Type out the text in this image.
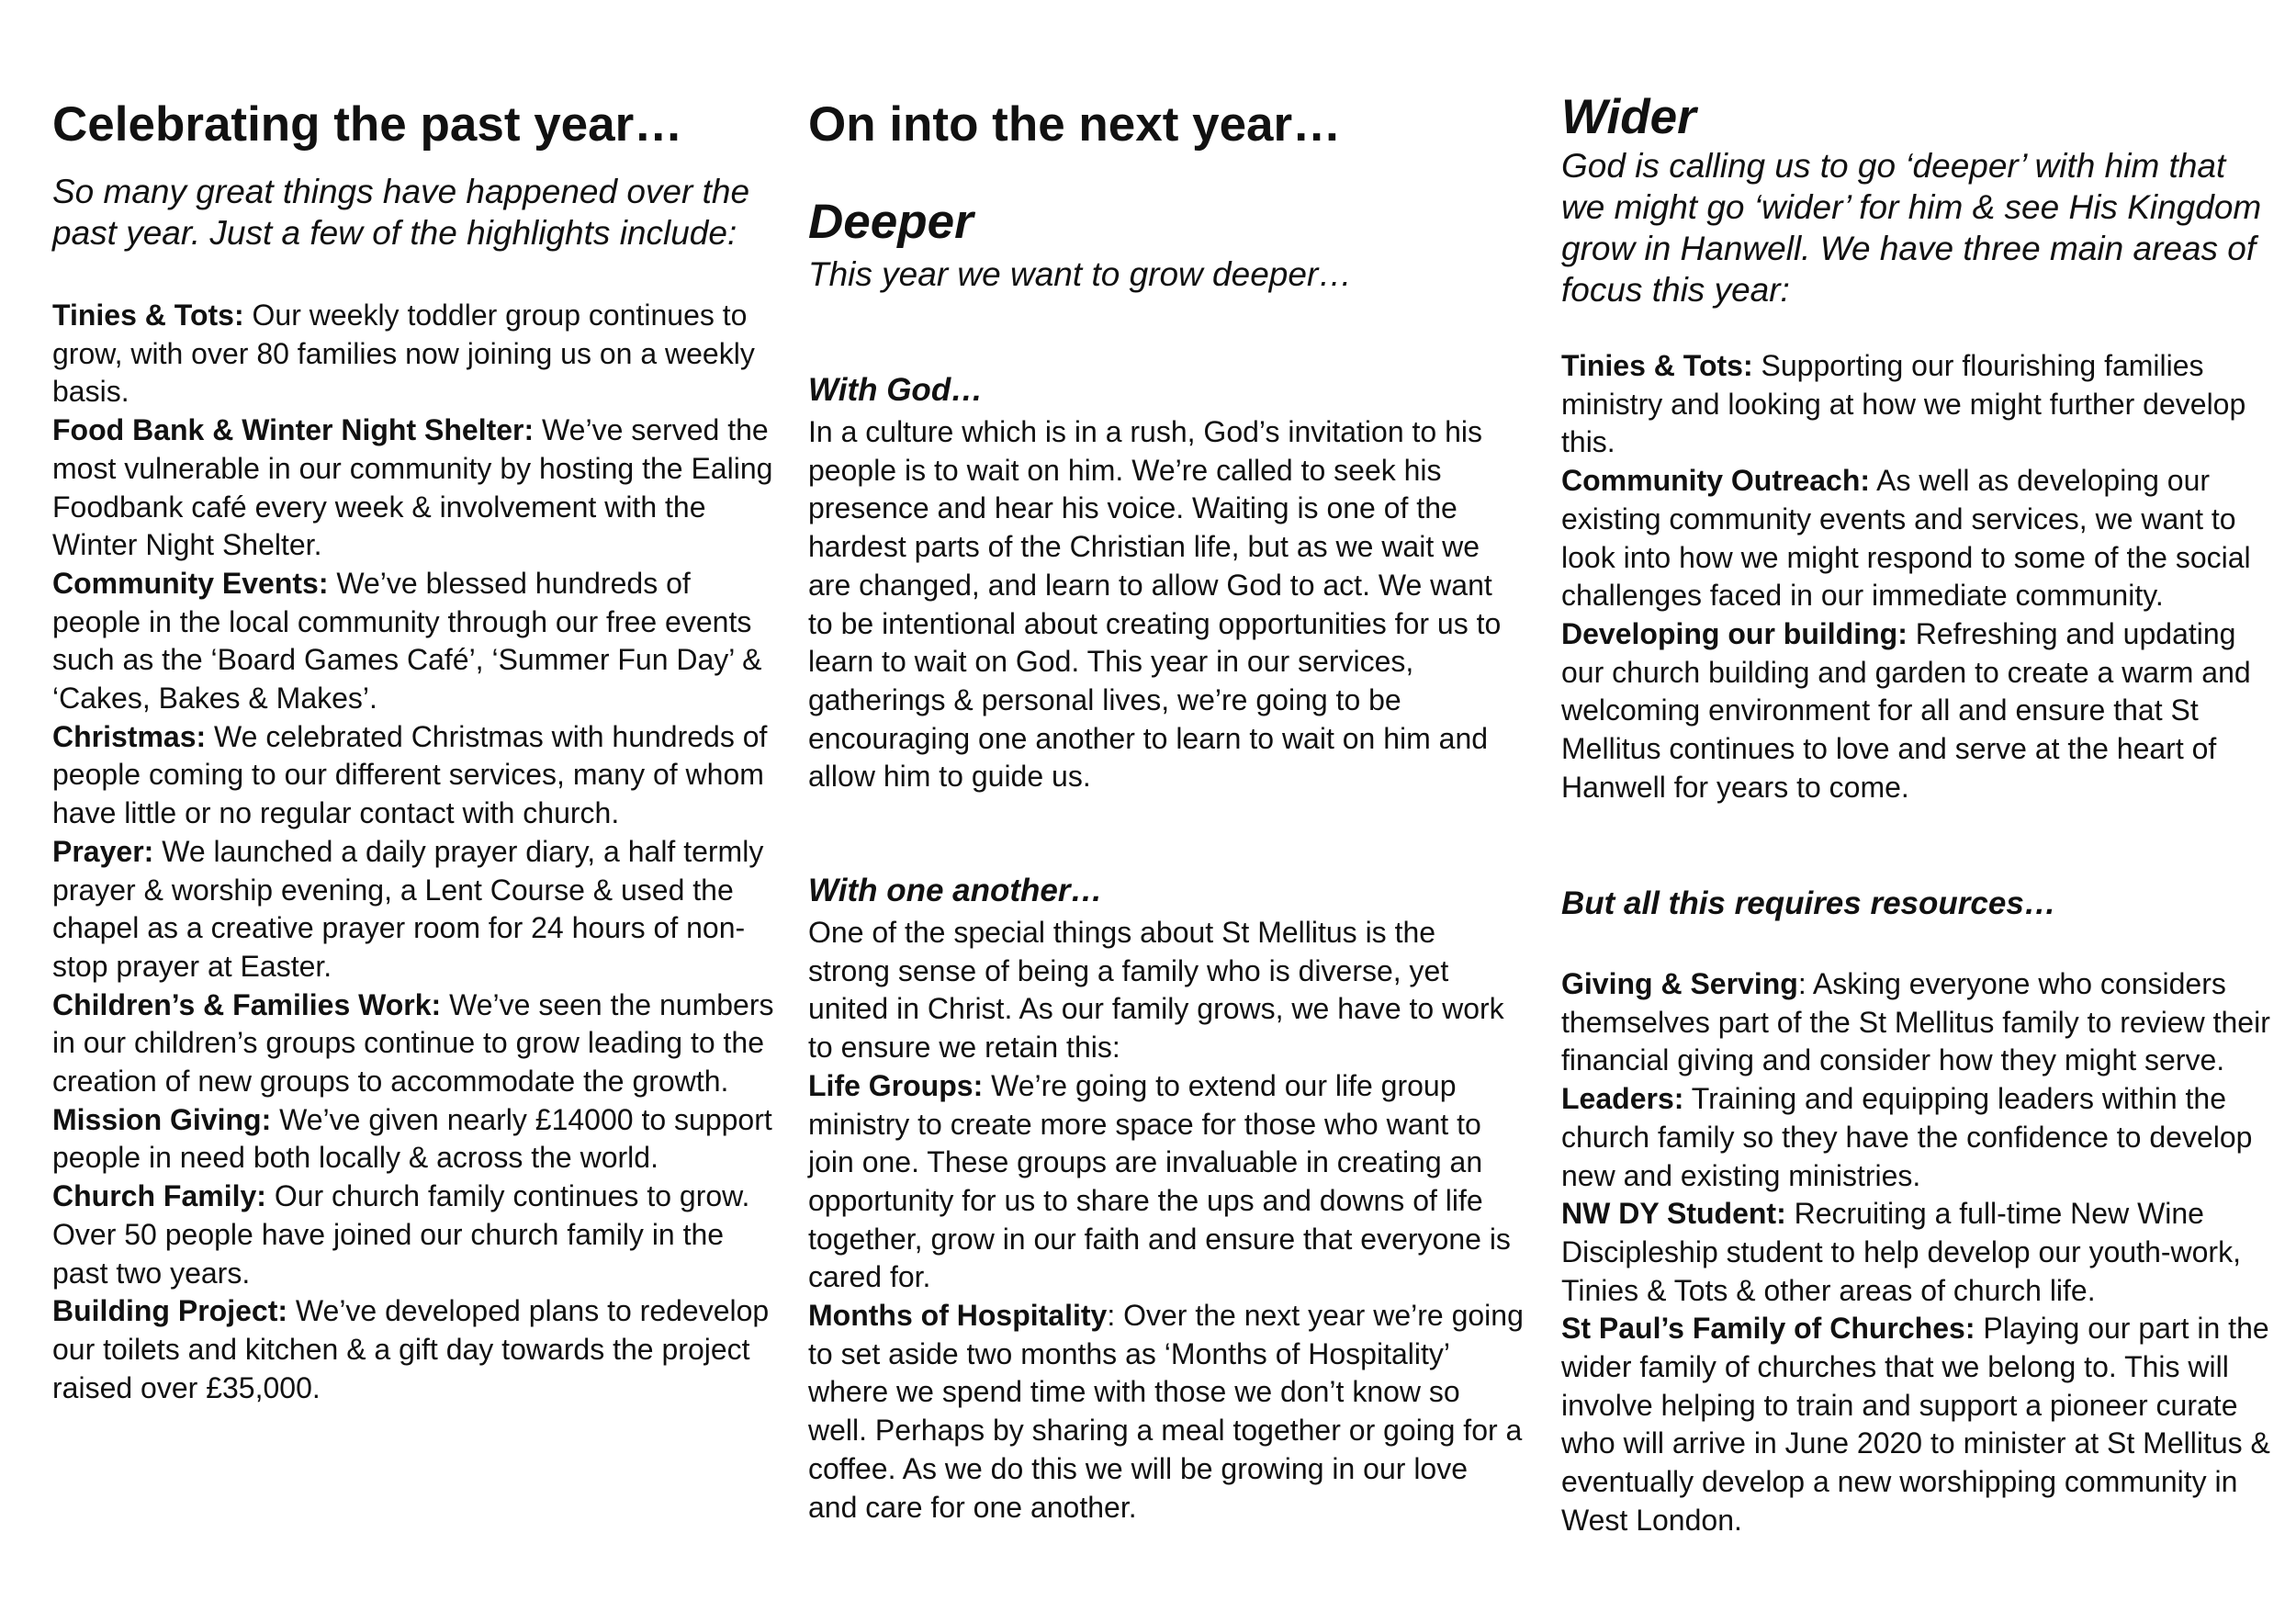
Celebrating the past year…

So many great things have happened over the past year. Just a few of the highlights include:

Tinies & Tots: Our weekly toddler group continues to grow, with over 80 families now joining us on a weekly basis.

Food Bank & Winter Night Shelter: We’ve served the most vulnerable in our community by hosting the Ealing Foodbank café every week & involvement with the Winter Night Shelter.

Community Events: We’ve blessed hundreds of people in the local community through our free events such as the ‘Board Games Café’, ‘Summer Fun Day’ & ‘Cakes, Bakes & Makes’.

Christmas: We celebrated Christmas with hundreds of people coming to our different services, many of whom have little or no regular contact with church.

Prayer: We launched a daily prayer diary, a half termly prayer & worship evening, a Lent Course & used the chapel as a creative prayer room for 24 hours of non-stop prayer at Easter.

Children’s & Families Work: We’ve seen the numbers in our children’s groups continue to grow leading to the creation of new groups to accommodate the growth.

Mission Giving: We’ve given nearly £14000 to support people in need both locally & across the world.

Church Family: Our church family continues to grow. Over 50 people have joined our church family in the past two years.

Building Project: We’ve developed plans to redevelop our toilets and kitchen & a gift day towards the project raised over £35,000.

On into the next year…
Deeper

This year we want to grow deeper…

With God…

In a culture which is in a rush, God’s invitation to his people is to wait on him. We’re called to seek his presence and hear his voice. Waiting is one of the hardest parts of the Christian life, but as we wait we are changed, and learn to allow God to act. We want to be intentional about creating opportunities for us to learn to wait on God. This year in our services, gatherings & personal lives, we’re going to be encouraging one another to learn to wait on him and allow him to guide us.

With one another…

One of the special things about St Mellitus is the strong sense of being a family who is diverse, yet united in Christ. As our family grows, we have to work to ensure we retain this:

Life Groups: We’re going to extend our life group ministry to create more space for those who want to join one. These groups are invaluable in creating an opportunity for us to share the ups and downs of life together, grow in our faith and ensure that everyone is cared for.

Months of Hospitality: Over the next year we’re going to set aside two months as ‘Months of Hospitality’ where we spend time with those we don’t know so well. Perhaps by sharing a meal together or going for a coffee. As we do this we will be growing in our love and care for one another.

Wider

God is calling us to go ‘deeper’ with him that we might go ‘wider’ for him & see His Kingdom grow in Hanwell. We have three main areas of focus this year:

Tinies & Tots: Supporting our flourishing families ministry and looking at how we might further develop this.

Community Outreach: As well as developing our existing community events and services, we want to look into how we might respond to some of the social challenges faced in our immediate community.

Developing our building: Refreshing and updating our church building and garden to create a warm and welcoming environment for all and ensure that St Mellitus continues to love and serve at the heart of Hanwell for years to come.

But all this requires resources…

Giving & Serving: Asking everyone who considers themselves part of the St Mellitus family to review their financial giving and consider how they might serve.

Leaders: Training and equipping leaders within the church family so they have the confidence to develop new and existing ministries.

NW DY Student: Recruiting a full-time New Wine Discipleship student to help develop our youth-work, Tinies & Tots & other areas of church life.

St Paul’s Family of Churches: Playing our part in the wider family of churches that we belong to. This will involve helping to train and support a pioneer curate who will arrive in June 2020 to minister at St Mellitus & eventually develop a new worshipping community in West London.
